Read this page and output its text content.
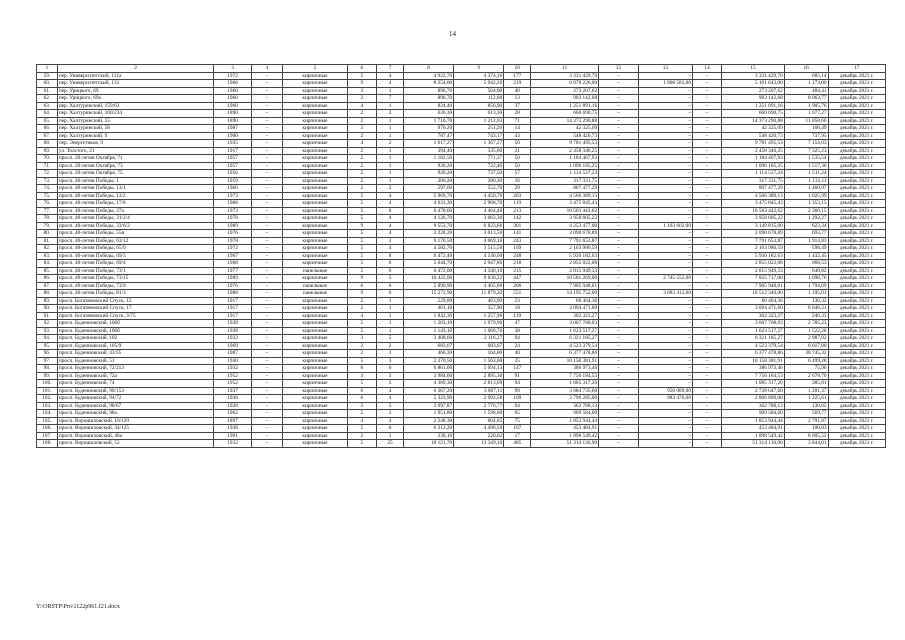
14
1	2	3	4	5	6	7	8	9	10	11	12	13	14	15	16	17
59.	пер. Университетский, 131а	1972	–	кирпичные	5	4	4 922,70	4 374,16	177	3 331 429,70	–	–	–	3 331 429,70	685,14	декабрь 2021 г.
60.	пер. Университетский, 133	1966	–	кирпичные	9	4	8 254,00	5 942,20	219	6 970 226,00	–	1 808 583,00	–	5 161 643,00	1 173,00	декабрь 2021 г.
61.	пер. Урицкого, 69	1960	–	кирпичные	3	1	896,70	564,00	40	273 207,62	–	–	–	273 207,62	484,41	декабрь 2021 г.
62.	пер. Урицкого, 69а	1960	–	кирпичные	2	7	896,70	112,00	13	903 142,68	–	–	–	903 142,68	8 063,77	декабрь 2021 г.
63.	пер. Халтуринский, 159/63	1960	–	кирпичные	4	1	824,40	856,90	37	1 251 891,16	–	–	–	1 251 891,16	1 905,76	декабрь 2021 г.
64.	пер. Халтуринский, 100/234	1890	–	кирпичные	2	2	630,30	613,30	28	660 690,75	–	–	–	660 690,75	1 077,27	декабрь 2021 г.
65.	пер. Халтуринский, 55	1890	–	кирпичные	2	1	1 716,70	1 212,03	71	14 373 290,88	–	–	–	14 373 290,88	11 858,66	декабрь 2021 г.
66.	пер. Халтуринский, 58	1987	–	кирпичные	3	1	976,20	251,20	14	42 325,69	–	–	–	42 325,09	168,49	декабрь 2021 г.
67.	пер. Халтуринский, 9	1900	–	кирпичные	2	1	787,47	743,17	43	548 420,73	–	–	–	548 420,73	737,95	декабрь 2021 г.
68.	пер. Энергетиков, 9	1935	–	кирпичные	4	2	1 617,27	1 367,27	50	9 781 495,53	–	–	–	9 781 495,53	7 154,03	декабрь 2021 г.
69.	ул. Толстого, 21	1917	–	кирпичные	2	1	394,40	335,60	21	2 458 346,25	–	–	–	2 458 346,25	7 325,23	декабрь 2021 г.
70.	просп. 20-летия Октября, 71	1957	–	кирпичные	2	1	1 182,50	771,37	50	1 184 467,93	–	–	–	1 184 467,93	1 535,54	декабрь 2021 г.
71.	просп. 20-летия Октября, 73	1957	–	кирпичные	2	1	920,20	722,46	50	1 096 185,25	–	–	–	1 096 185,25	1 517,30	декабрь 2021 г.
72.	просп. 20-летия Октября, 75	1956	–	кирпичные	2	1	920,20	737,50	57	1 114 537,24	–	–	–	1 114 537,24	1 511,24	декабрь 2021 г.
73.	просп. 40-летия Победы, 1	1959	–	кирпичные	2	1	306,20	280,30	16	317 331,75	–	–	–	317 331,75	1 132,11	декабрь 2021 г.
74.	просп. 40-летия Победы, 13/1	1960	–	кирпичные	2	2	597,60	552,70	29	807 477,29	–	–	–	807 477,29	1 460,97	декабрь 2021 г.
75.	просп. 40-летия Победы, 13/2	1973	–	кирпичные	5	4	5 969,70	4 450,70	203	4 566 389,13	–	–	–	4 566 389,13	1 025,99	декабрь 2021 г.
76.	просп. 40-летия Победы, 17/8	1968	–	кирпичные	5	4	4 633,30	2 968,70	119	3 475 845,43	–	–	–	3 475 845,43	1 353,15	декабрь 2021 г.
77.	просп. 40-летия Победы, 27а	1973	–	кирпичные	5	6	6 478,60	4 464,40	213	10 563 442,62	–	–	–	10 563 442,62	2 366,15	декабрь 2021 г.
78.	просп. 40-летия Победы, 31/2/4	1978	–	кирпичные	5	4	4 126,70	3 063,30	142	3 958 605,22	–	–	–	3 958 605,22	1 292,27	декабрь 2021 г.
79.	просп. 40-летия Победы, 33/6/2	1989	–	кирпичные	9	4	9 553,70	6 823,66	301	4 253 477,00	–	1 103 662,00	–	3 149 815,00	623,34	декабрь 2021 г.
80.	просп. 40-летия Победы, 55в	1976	–	кирпичные	5	4	3 228,20	3 013,50	141	2 090 678,89	–	–	–	2 090 678,89	693,77	декабрь 2021 г.
81.	просп. 40-летия Победы, 63/12	1978	–	кирпичные	5	2	6 176,50	4 069,10	243	7 791 653,87	–	–	–	7 791 653,87	1 914,83	декабрь 2021 г.
82.	просп. 40-летия Победы, 65/9	1972	–	кирпичные	5	4	4 582,70	3 515,50	169	2 103 986,59	–	–	–	2 103 986,59	598,49	декабрь 2021 г.
83.	просп. 40-летия Победы, 69/3	1967	–	кирпичные	5	8	6 472,40	4 140,00	248	5 930 182,63	–	–	–	5 930 182,63	1 432,45	декабрь 2021 г.
84.	просп. 40-летия Победы, 69/4	1968	–	кирпичные	5	6	5 044,70	2 947,80	218	2 855 022,08	–	–	–	2 855 022,08	968,53	декабрь 2021 г.
85.	просп. 40-летия Победы, 73/1	1977	–	панельные	5	6	6 472,00	4 340,10	215	2 815 949,33	–	–	–	2 815 949,33	648,82	декабрь 2021 г.
86.	просп. 40-летия Победы, 73/15	1989	–	кирпичные	9	5	10 422,00	9 630,22	447	10 581 269,00	–	2 745 552,00	–	7 835 717,00	1 098,76	декабрь 2021 г.
87.	просп. 40-летия Победы, 73/9	1976	–	панельные	6	6	5 890,90	4 405,00	206	7 905 948,61	–	–	–	7 905 948,61	1 794,69	декабрь 2021 г.
88.	просп. 40-летия Победы, 81/3	1988	–	панельные	9	6	15 272,90	11 879,20	551	14 195 752,00	–	3 683 412,00	–	10 512 340,00	1 195,01	декабрь 2021 г.
89.	просп. Богатяновский Спуск, 12	1917	–	кирпичные	2	1	529,89	463,99	23	60 464,36	–	–	–	60 464,36	130,32	декабрь 2021 г.
90.	просп. Богатяновский Спуск, 17	1917	–	кирпичные	2	1	401,10	357,90	18	3 094 471,60	–	–	–	3 094 471,60	8 646,21	декабрь 2021 г.
91.	просп. Богатяновский Спуск, 3/75	1917	–	кирпичные	4	1	1 842,30	1 257,96	119	302 323,27	–	–	–	302 323,27	240,33	декабрь 2021 г.
92.	просп. Буденновский, 100б	1928	–	кирпичные	5	1	1 263,10	1 079,90	47	3 007 768,03	–	–	–	3 007 768,03	2 785,23	декабрь 2021 г.
93.	просп. Буденновский, 100б	1928	–	кирпичные	5	1	1 143,10	1 066,70	38	1 623 517,27	–	–	–	1 623 517,27	1 522,28	декабрь 2021 г.
94.	просп. Буденновский, 102	1932	–	кирпичные	3	5	3 408,60	2 116,27	94	6 321 185,27	–	–	–	6 321 185,27	2 987,02	декабрь 2021 г.
95.	просп. Буденновский, 105/9	1969	–	кирпичные	2	2	683,67	683,67	24	4 523 379,54	–	–	–	4 523 379,54	6 617,00	декабрь 2021 г.
96.	просп. Буденновский, 43/55	1987	–	кирпичные	2	1	466,30	164,00	40	6 377 478,86	–	–	–	6 377 478,86	38 745,32	декабрь 2021 г.
97.	просп. Буденновский, 51	1930	–	кирпичные	5	3	2 370,50	1 563,00	25	10 158 381,91	–	–	–	10 158 381,91	6 499,28	декабрь 2021 г.
98.	просп. Буденновский, 72/213	1932	–	кирпичные	6	6	6 861,00	5 094,13	147	386 973,46	–	–	–	386 973,46	75,96	декабрь 2021 г.
99.	просп. Буденновский, 72а	1952	–	кирпичные	4	3	3 984,60	2 895,30	91	7 756 184,53	–	–	–	7 756 184,53	2 678,70	декабрь 2021 г.
100.	просп. Буденновский, 74	1952	–	кирпичные	5	3	4 389,30	2 813,09	94	1 085 317,20	–	–	–	1 085 317,20	385,81	декабрь 2021 г.
101.	просп. Буденновский, 90/153	1937	–	кирпичные	6	4	6 367,20	3 067,11	99	3 684 735,60	–	956 089,00	–	2 728 647,60	1 201,37	декабрь 2021 г.
102.	просп. Буденновский, 94/72	1936	–	кирпичные	6	4	5 323,90	2 092,58	109	3 790 285,00	–	983 476,00	–	2 806 809,00	1 225,61	декабрь 2021 г.
103.	просп. Буденновский, 98/67	1928	–	кирпичные	3	5	3 097,87	2 776,77	94	362 788,13	–	–	–	362 788,13	130,65	декабрь 2021 г.
104.	просп. Буденновский, 98а	1962	–	кирпичные	5	2	1 951,80	1 598,60	65	909 584,60	–	–	–	909 584,60	569,77	декабрь 2021 г.
105.	просп. Ворошиловский, 10/120	1897	–	кирпичные	4	4	2 248,30	664,05	75	1 853 944,44	–	–	–	1 853 944,44	2 791,87	декабрь 2021 г.
106.	просп. Ворошиловский, 34/125	1938	–	кирпичные	5	6	6 312,20	4 496,50	167	453 484,91	–	–	–	453 484,91	100,83	декабрь 2021 г.
107.	просп. Ворошиловский, 46а	1901	–	кирпичные	2	1	238,10	220,62	17	1 898 549,42	–	–	–	1 898 549,42	8 605,52	декабрь 2021 г.
108.	просп. Ворошиловский, 52	1932	–	кирпичные	5	25	18 121,70	13 349,10	485	51 314 136,90	–	–	–	51 314 136,90	3 844,01	декабрь 2021 г.
Y:\ORSTP\Pro\1122p961.f21.docx
